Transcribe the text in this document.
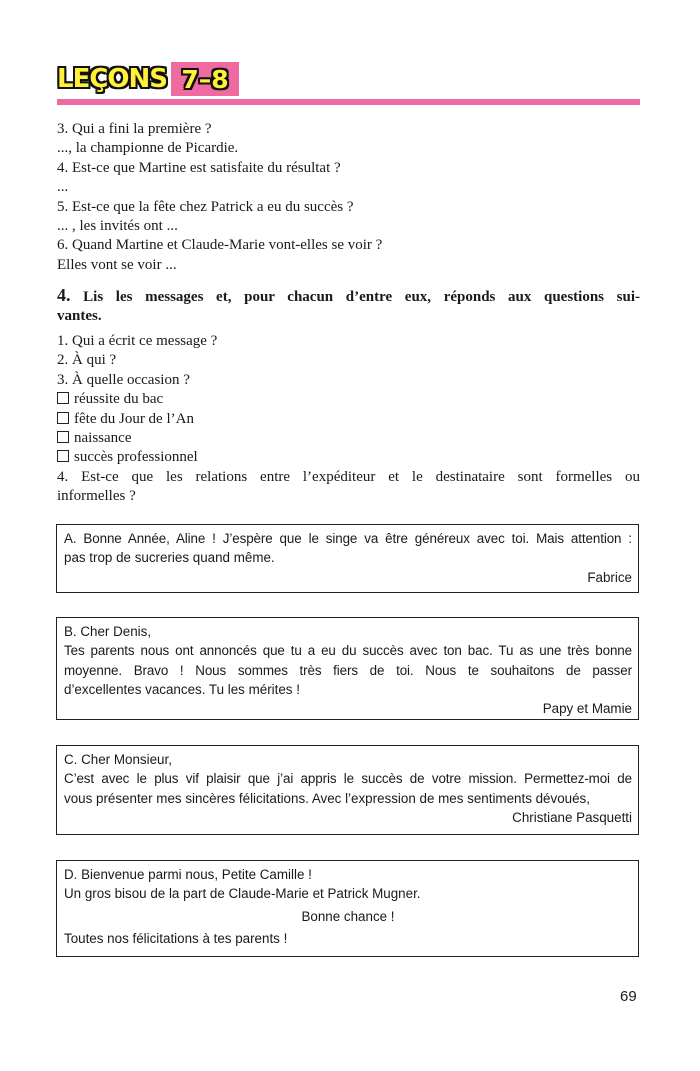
LEÇONS 7–8
3. Qui a fini la première ?
..., la championne de Picardie.
4. Est-ce que Martine est satisfaite du résultat ?
...
5. Est-ce que la fête chez Patrick a eu du succès ?
... , les invités ont ...
6. Quand Martine et Claude-Marie vont-elles se voir ?
Elles vont se voir ...
4. Lis les messages et, pour chacun d’entre eux, réponds aux questions sui-
vantes.
1. Qui a écrit ce message ?
2. À qui ?
3. À quelle occasion ?
réussite du bac
fête du Jour de l’An
naissance
succès professionnel
4. Est-ce que les relations entre l’expéditeur et le destinataire sont formelles ou
informelles ?
A. Bonne Année, Aline ! J’espère que le singe va être généreux avec toi. Mais attention :
pas trop de sucreries quand même.
Fabrice
B. Cher Denis,
Tes parents nous ont annoncés que tu a eu du succès avec ton bac. Tu as une très bonne
moyenne. Bravo ! Nous sommes très fiers de toi. Nous te souhaitons de passer
d’excellentes vacances. Tu les mérites !
Papy et Mamie
C. Cher Monsieur,
C’est avec le plus vif plaisir que j’ai appris le succès de votre mission. Permettez-moi de
vous présenter mes sincères félicitations. Avec l’expression de mes sentiments dévoués,
Christiane Pasquetti
D. Bienvenue parmi nous, Petite Camille !
Un gros bisou de la part de Claude-Marie et Patrick Mugner.
Bonne chance !
Toutes nos félicitations à tes parents !
69
